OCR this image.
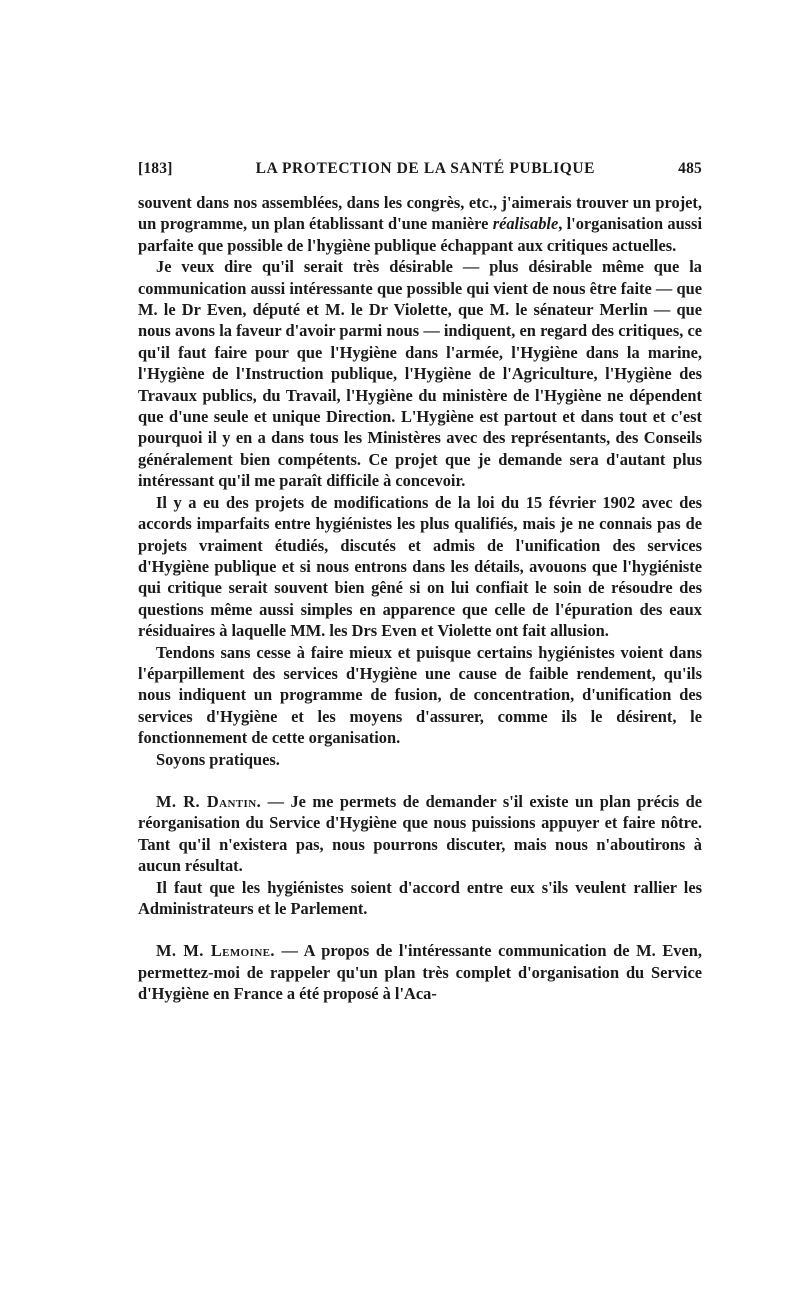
[183]	LA PROTECTION DE LA SANTÉ PUBLIQUE	485

souvent dans nos assemblées, dans les congrès, etc., j'aimerais trouver un projet, un programme, un plan établissant d'une manière réalisable, l'organisation aussi parfaite que possible de l'hygiène publique échappant aux critiques actuelles.

Je veux dire qu'il serait très désirable — plus désirable même que la communication aussi intéressante que possible qui vient de nous être faite — que M. le Dr Even, député et M. le Dr Violette, que M. le sénateur Merlin — que nous avons la faveur d'avoir parmi nous — indiquent, en regard des critiques, ce qu'il faut faire pour que l'Hygiène dans l'armée, l'Hygiène dans la marine, l'Hygiène de l'Instruction publique, l'Hygiène de l'Agriculture, l'Hygiène des Travaux publics, du Travail, l'Hygiène du ministère de l'Hygiène ne dépendent que d'une seule et unique Direction. L'Hygiène est partout et dans tout et c'est pourquoi il y en a dans tous les Ministères avec des représentants, des Conseils généralement bien compétents. Ce projet que je demande sera d'autant plus intéressant qu'il me paraît difficile à concevoir.

Il y a eu des projets de modifications de la loi du 15 février 1902 avec des accords imparfaits entre hygiénistes les plus qualifiés, mais je ne connais pas de projets vraiment étudiés, discutés et admis de l'unification des services d'Hygiène publique et si nous entrons dans les détails, avouons que l'hygiéniste qui critique serait souvent bien gêné si on lui confiait le soin de résoudre des questions même aussi simples en apparence que celle de l'épuration des eaux résiduaires à laquelle MM. les Drs Even et Violette ont fait allusion.

Tendons sans cesse à faire mieux et puisque certains hygiénistes voient dans l'éparpillement des services d'Hygiène une cause de faible rendement, qu'ils nous indiquent un programme de fusion, de concentration, d'unification des services d'Hygiène et les moyens d'assurer, comme ils le désirent, le fonctionnement de cette organisation.

Soyons pratiques.

M. R. Dantin. — Je me permets de demander s'il existe un plan précis de réorganisation du Service d'Hygiène que nous puissions appuyer et faire nôtre. Tant qu'il n'existera pas, nous pourrons discuter, mais nous n'aboutirons à aucun résultat.

Il faut que les hygiénistes soient d'accord entre eux s'ils veulent rallier les Administrateurs et le Parlement.

M. M. Lemoine. — A propos de l'intéressante communication de M. Even, permettez-moi de rappeler qu'un plan très complet d'organisation du Service d'Hygiène en France a été proposé à l'Aca-
